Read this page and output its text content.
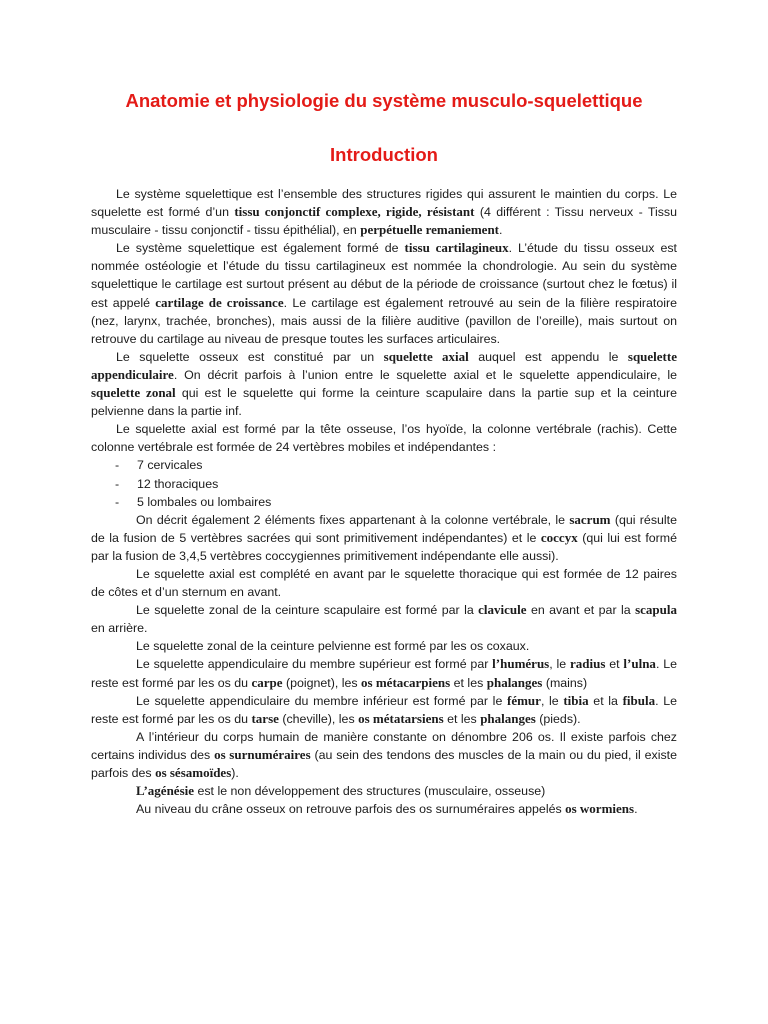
Anatomie et physiologie du système musculo-squelettique
Introduction

Le système squelettique est l’ensemble des structures rigides qui assurent le maintien du corps. Le squelette est formé d’un tissu conjonctif complexe, rigide, résistant (4 différent : Tissu nerveux - Tissu musculaire - tissu conjonctif - tissu épithélial), en perpétuelle remaniement.

Le système squelettique est également formé de tissu cartilagineux. L’étude du tissu osseux est nommée ostéologie et l’étude du tissu cartilagineux est nommée la chondrologie. Au sein du système squelettique le cartilage est surtout présent au début de la période de croissance (surtout chez le fœtus) il est appelé cartilage de croissance. Le cartilage est également retrouvé au sein de la filière respiratoire (nez, larynx, trachée, bronches), mais aussi de la filière auditive (pavillon de l’oreille), mais surtout on retrouve du cartilage au niveau de presque toutes les surfaces articulaires.

Le squelette osseux est constitué par un squelette axial auquel est appendu le squelette appendiculaire. On décrit parfois à l’union entre le squelette axial et le squelette appendiculaire, le squelette zonal qui est le squelette qui forme la ceinture scapulaire dans la partie sup et la ceinture pelvienne dans la partie inf.

Le squelette axial est formé par la tête osseuse, l’os hyoïde, la colonne vertébrale (rachis). Cette colonne vertébrale est formée de 24 vertèbres mobiles et indépendantes :

- 7 cervicales
- 12 thoraciques
- 5 lombales ou lombaires

On décrit également 2 éléments fixes appartenant à la colonne vertébrale, le sacrum (qui résulte de la fusion de 5 vertèbres sacrées qui sont primitivement indépendantes) et le coccyx (qui lui est formé par la fusion de 3,4,5 vertèbres coccygiennes primitivement indépendante elle aussi).

Le squelette axial est complété en avant par le squelette thoracique qui est formée de 12 paires de côtes et d’un sternum en avant.

Le squelette zonal de la ceinture scapulaire est formé par la clavicule en avant et par la scapula en arrière.

Le squelette zonal de la ceinture pelvienne est formé par les os coxaux.

Le squelette appendiculaire du membre supérieur est formé par l’humérus, le radius et l’ulna. Le reste est formé par les os du carpe (poignet), les os métacarpiens et les phalanges (mains)

Le squelette appendiculaire du membre inférieur est formé par le fémur, le tibia et la fibula. Le reste est formé par les os du tarse (cheville), les os métatarsiens et les phalanges (pieds).

A l’intérieur du corps humain de manière constante on dénombre 206 os. Il existe parfois chez certains individus des os surnuméraires (au sein des tendons des muscles de la main ou du pied, il existe parfois des os sésamoïdes).

L’agénésie est le non développement des structures (musculaire, osseuse)

Au niveau du crâne osseux on retrouve parfois des os surnuméraires appelés os wormiens.
